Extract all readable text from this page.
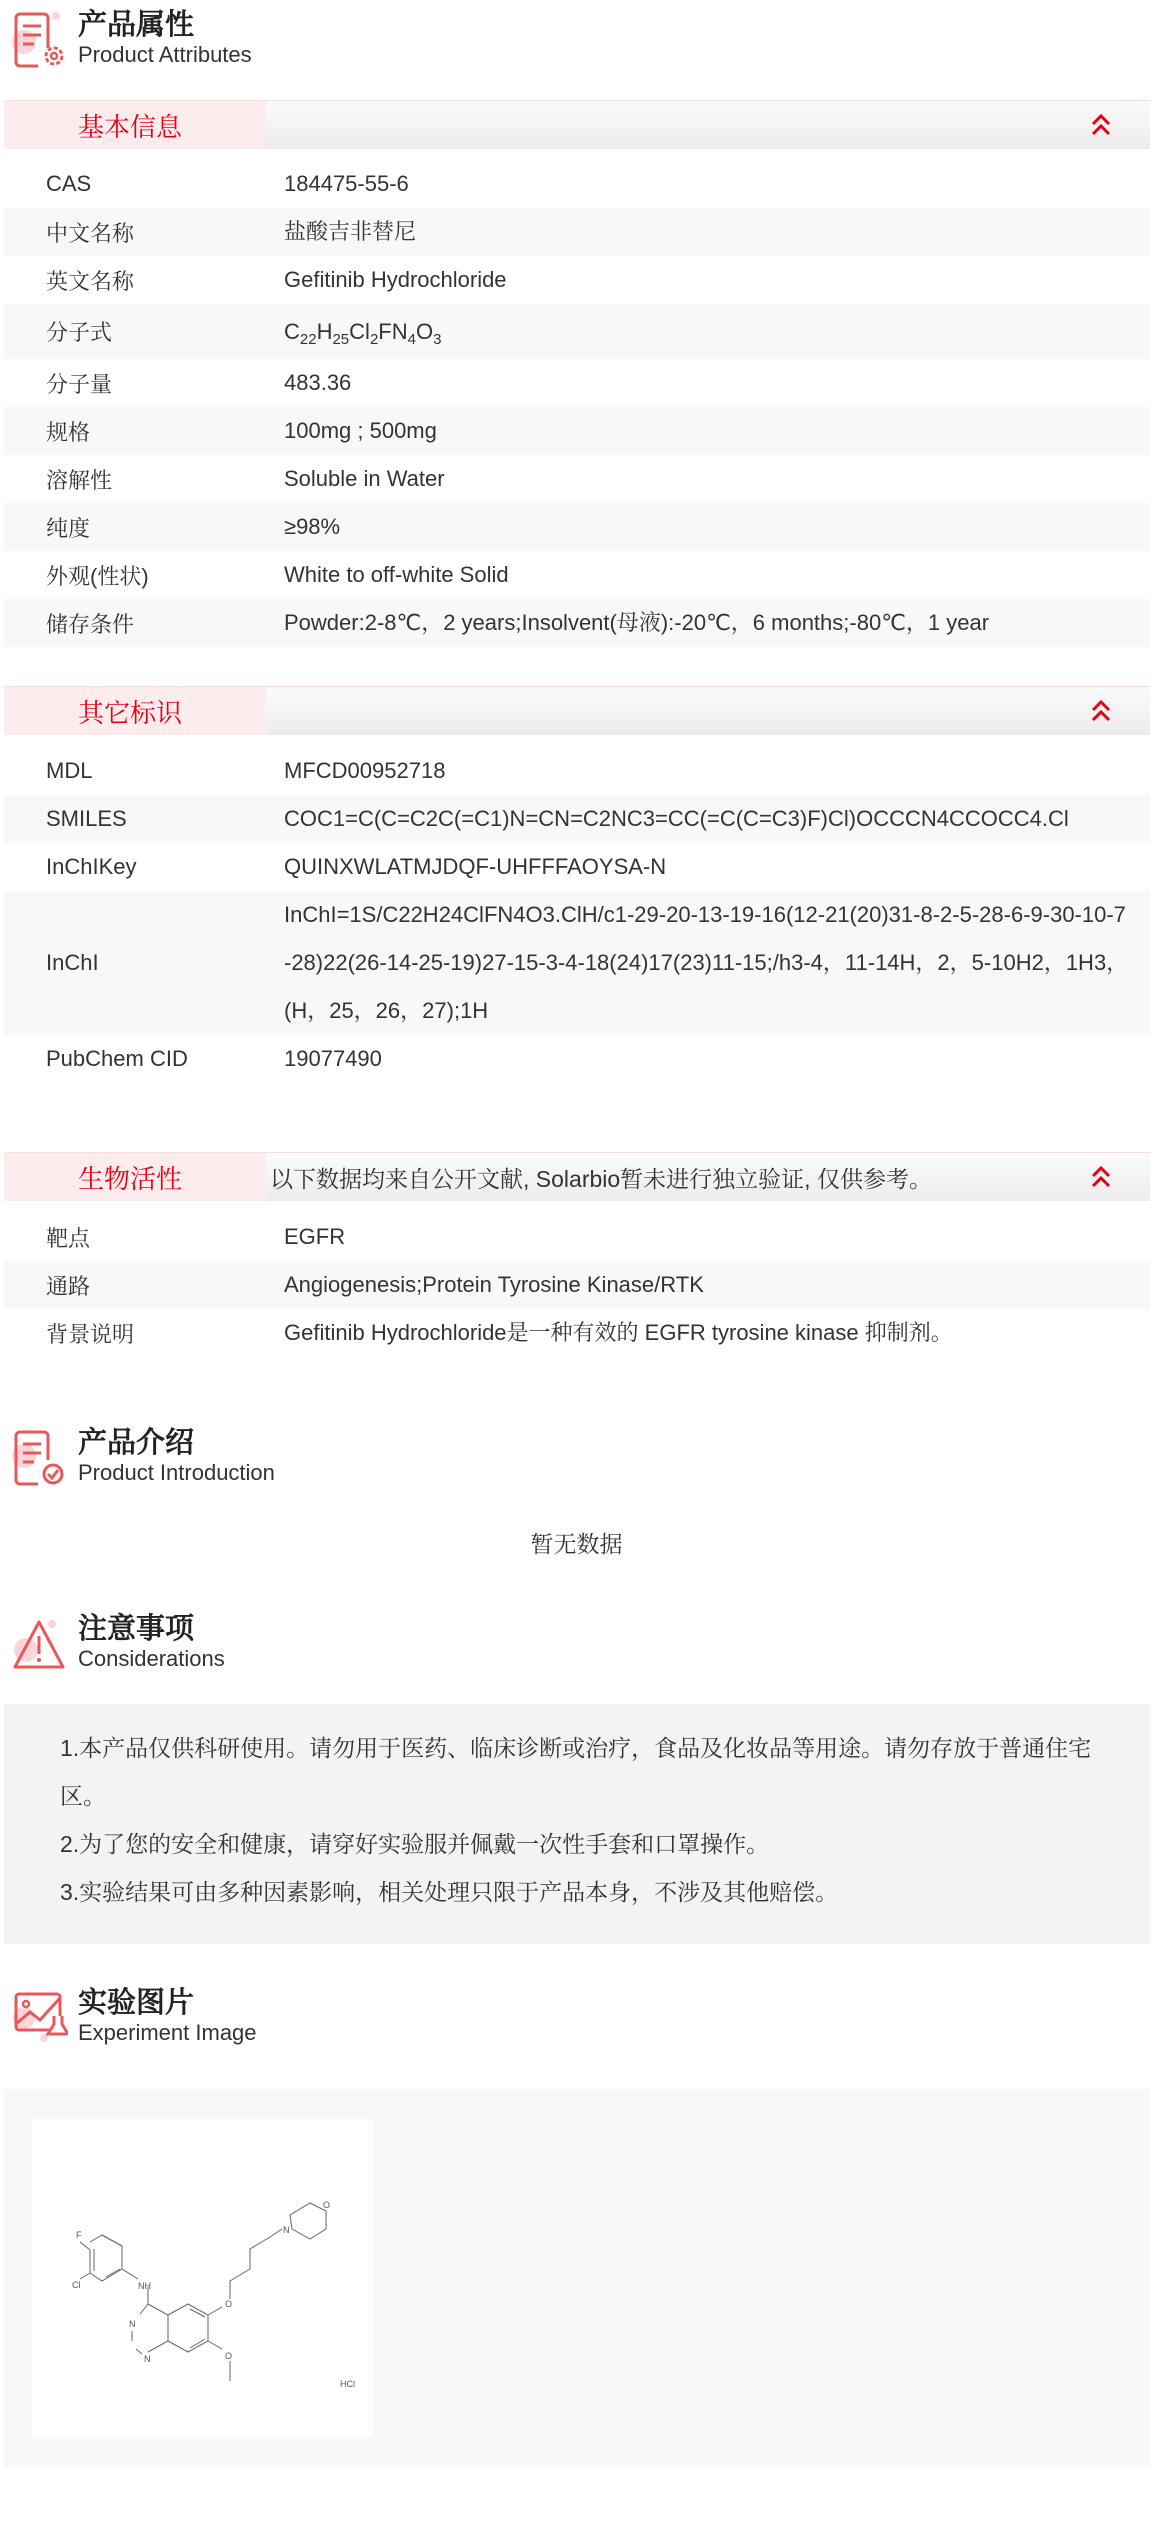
产品属性
Product Attributes
基本信息
CAS	184475-55-6
中文名称	盐酸吉非替尼
英文名称	Gefitinib Hydrochloride
分子式	$C_{22}H_{25}Cl_2FN_4O_3$
分子量	483.36
规格	100mg ; 500mg
溶解性	Soluble in Water
纯度	≥98%
外观(性状)	White to off-white Solid
储存条件	Powder:2-8℃，2 years;Insolvent(母液):-20℃，6 months;-80℃，1 year
其它标识
MDL	MFCD00952718
SMILES	COC1=C(C=C2C(=C1)N=CN=C2NC3=CC(=C(C=C3)F)Cl)OCCCN4CCOCC4.Cl
InChIKey	QUINXWLATMJDQF-UHFFFAOYSA-N
InChI
InChI=1S/C22H24ClFN4O3.ClH/c1-29-20-13-19-16(12-21(20)31-8-2-5-28-6-9-30-10-7-28)22(26-14-25-19)27-15-3-4-18(24)17(23)11-15;/h3-4，11-14H，2，5-10H2，1H3，(H，25，26，27);1H
PubChem CID	19077490
生物活性	以下数据均来自公开文献, Solarbio暂未进行独立验证, 仅供参考。
靶点	EGFR
通路	Angiogenesis;Protein Tyrosine Kinase/RTK
背景说明	Gefitinib Hydrochloride是一种有效的 EGFR tyrosine kinase 抑制剂。
产品介绍
Product Introduction
暂无数据
注意事项
Considerations

1.本产品仅供科研使用。请勿用于医药、临床诊断或治疗，食品及化妆品等用途。请勿存放于普通住宅区。

2.为了您的安全和健康，请穿好实验服并佩戴一次性手套和口罩操作。

3.实验结果可由多种因素影响，相关处理只限于产品本身，不涉及其他赔偿。

实验图片
Experiment Image
F
Cl	NH
N
N
O
O
N
O
HCl
